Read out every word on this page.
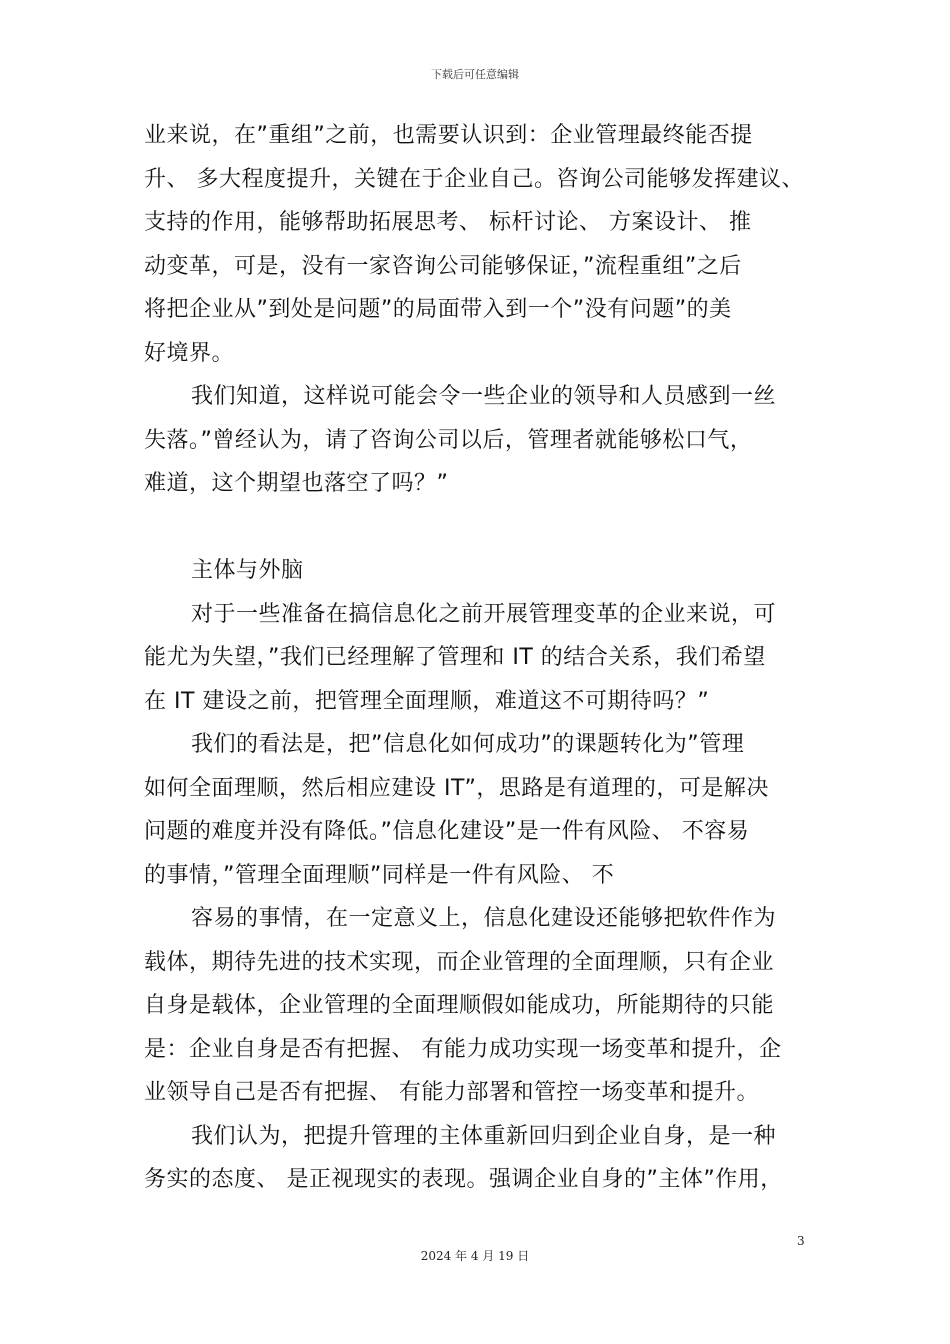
下载后可任意编辑
业来说，在”重组”之前，也需要认识到：企业管理最终能否提
升、 多大程度提升，关键在于企业自己。咨询公司能够发挥建议、
支持的作用，能够帮助拓展思考、 标杆讨论、 方案设计、 推
动变革，可是，没有一家咨询公司能够保证，”流程重组”之后
将把企业从”到处是问题”的局面带入到一个”没有问题”的美
好境界。
我们知道，这样说可能会令一些企业的领导和人员感到一丝
失落。”曾经认为，请了咨询公司以后，管理者就能够松口气，
难道，这个期望也落空了吗？”
主体与外脑
对于一些准备在搞信息化之前开展管理变革的企业来说，可
能尤为失望，”我们已经理解了管理和 IT 的结合关系，我们希望
在 IT 建设之前，把管理全面理顺，难道这不可期待吗？”
我们的看法是，把”信息化如何成功”的课题转化为”管理
如何全面理顺，然后相应建设 IT”，思路是有道理的，可是解决
问题的难度并没有降低。”信息化建设”是一件有风险、 不容易
的事情，”管理全面理顺”同样是一件有风险、 不
容易的事情，在一定意义上，信息化建设还能够把软件作为
载体，期待先进的技术实现，而企业管理的全面理顺，只有企业
自身是载体，企业管理的全面理顺假如能成功，所能期待的只能
是：企业自身是否有把握、 有能力成功实现一场变革和提升，企
业领导自己是否有把握、 有能力部署和管控一场变革和提升。
我们认为，把提升管理的主体重新回归到企业自身，是一种
务实的态度、 是正视现实的表现。强调企业自身的”主体”作用，
3
2024 年 4 月 19 日
